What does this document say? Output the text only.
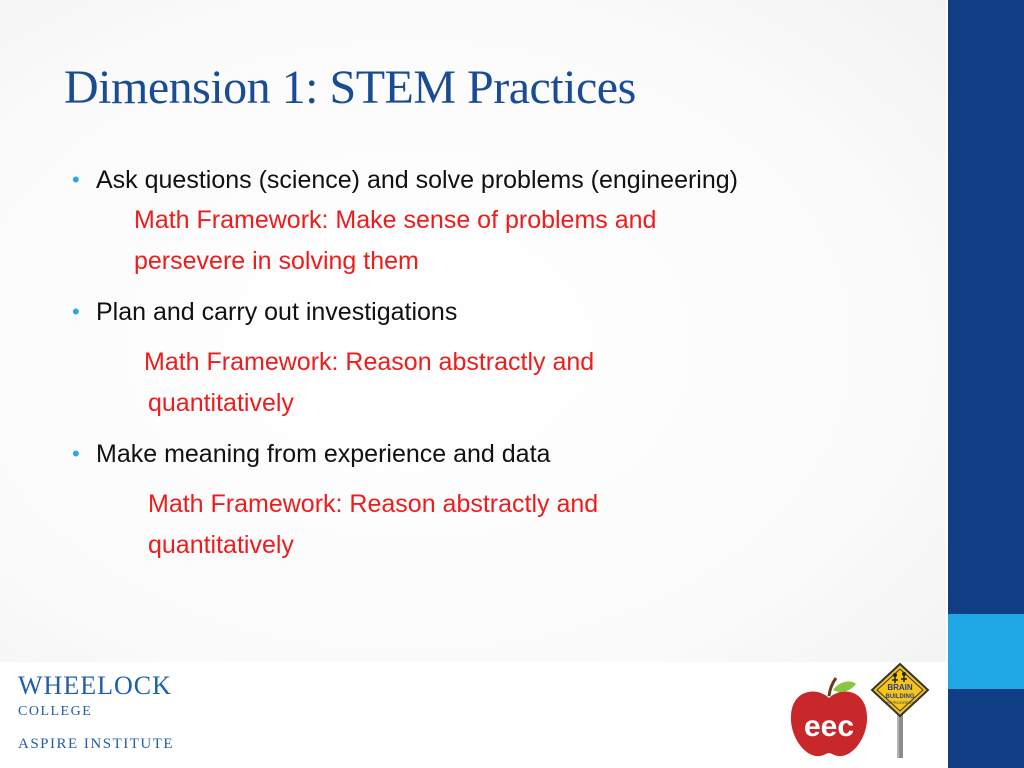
Dimension 1: STEM Practices
• Ask questions (science) and solve problems (engineering)
Math Framework: Make sense of problems and
persevere in solving them
• Plan and carry out investigations
Math Framework: Reason abstractly and
quantitatively
• Make meaning from experience and data
Math Framework: Reason abstractly and
quantitatively
WHEELOCK
COLLEGE
ASPIRE INSTITUTE
eec
BRAIN
BUILDING
IN PROGRESS
